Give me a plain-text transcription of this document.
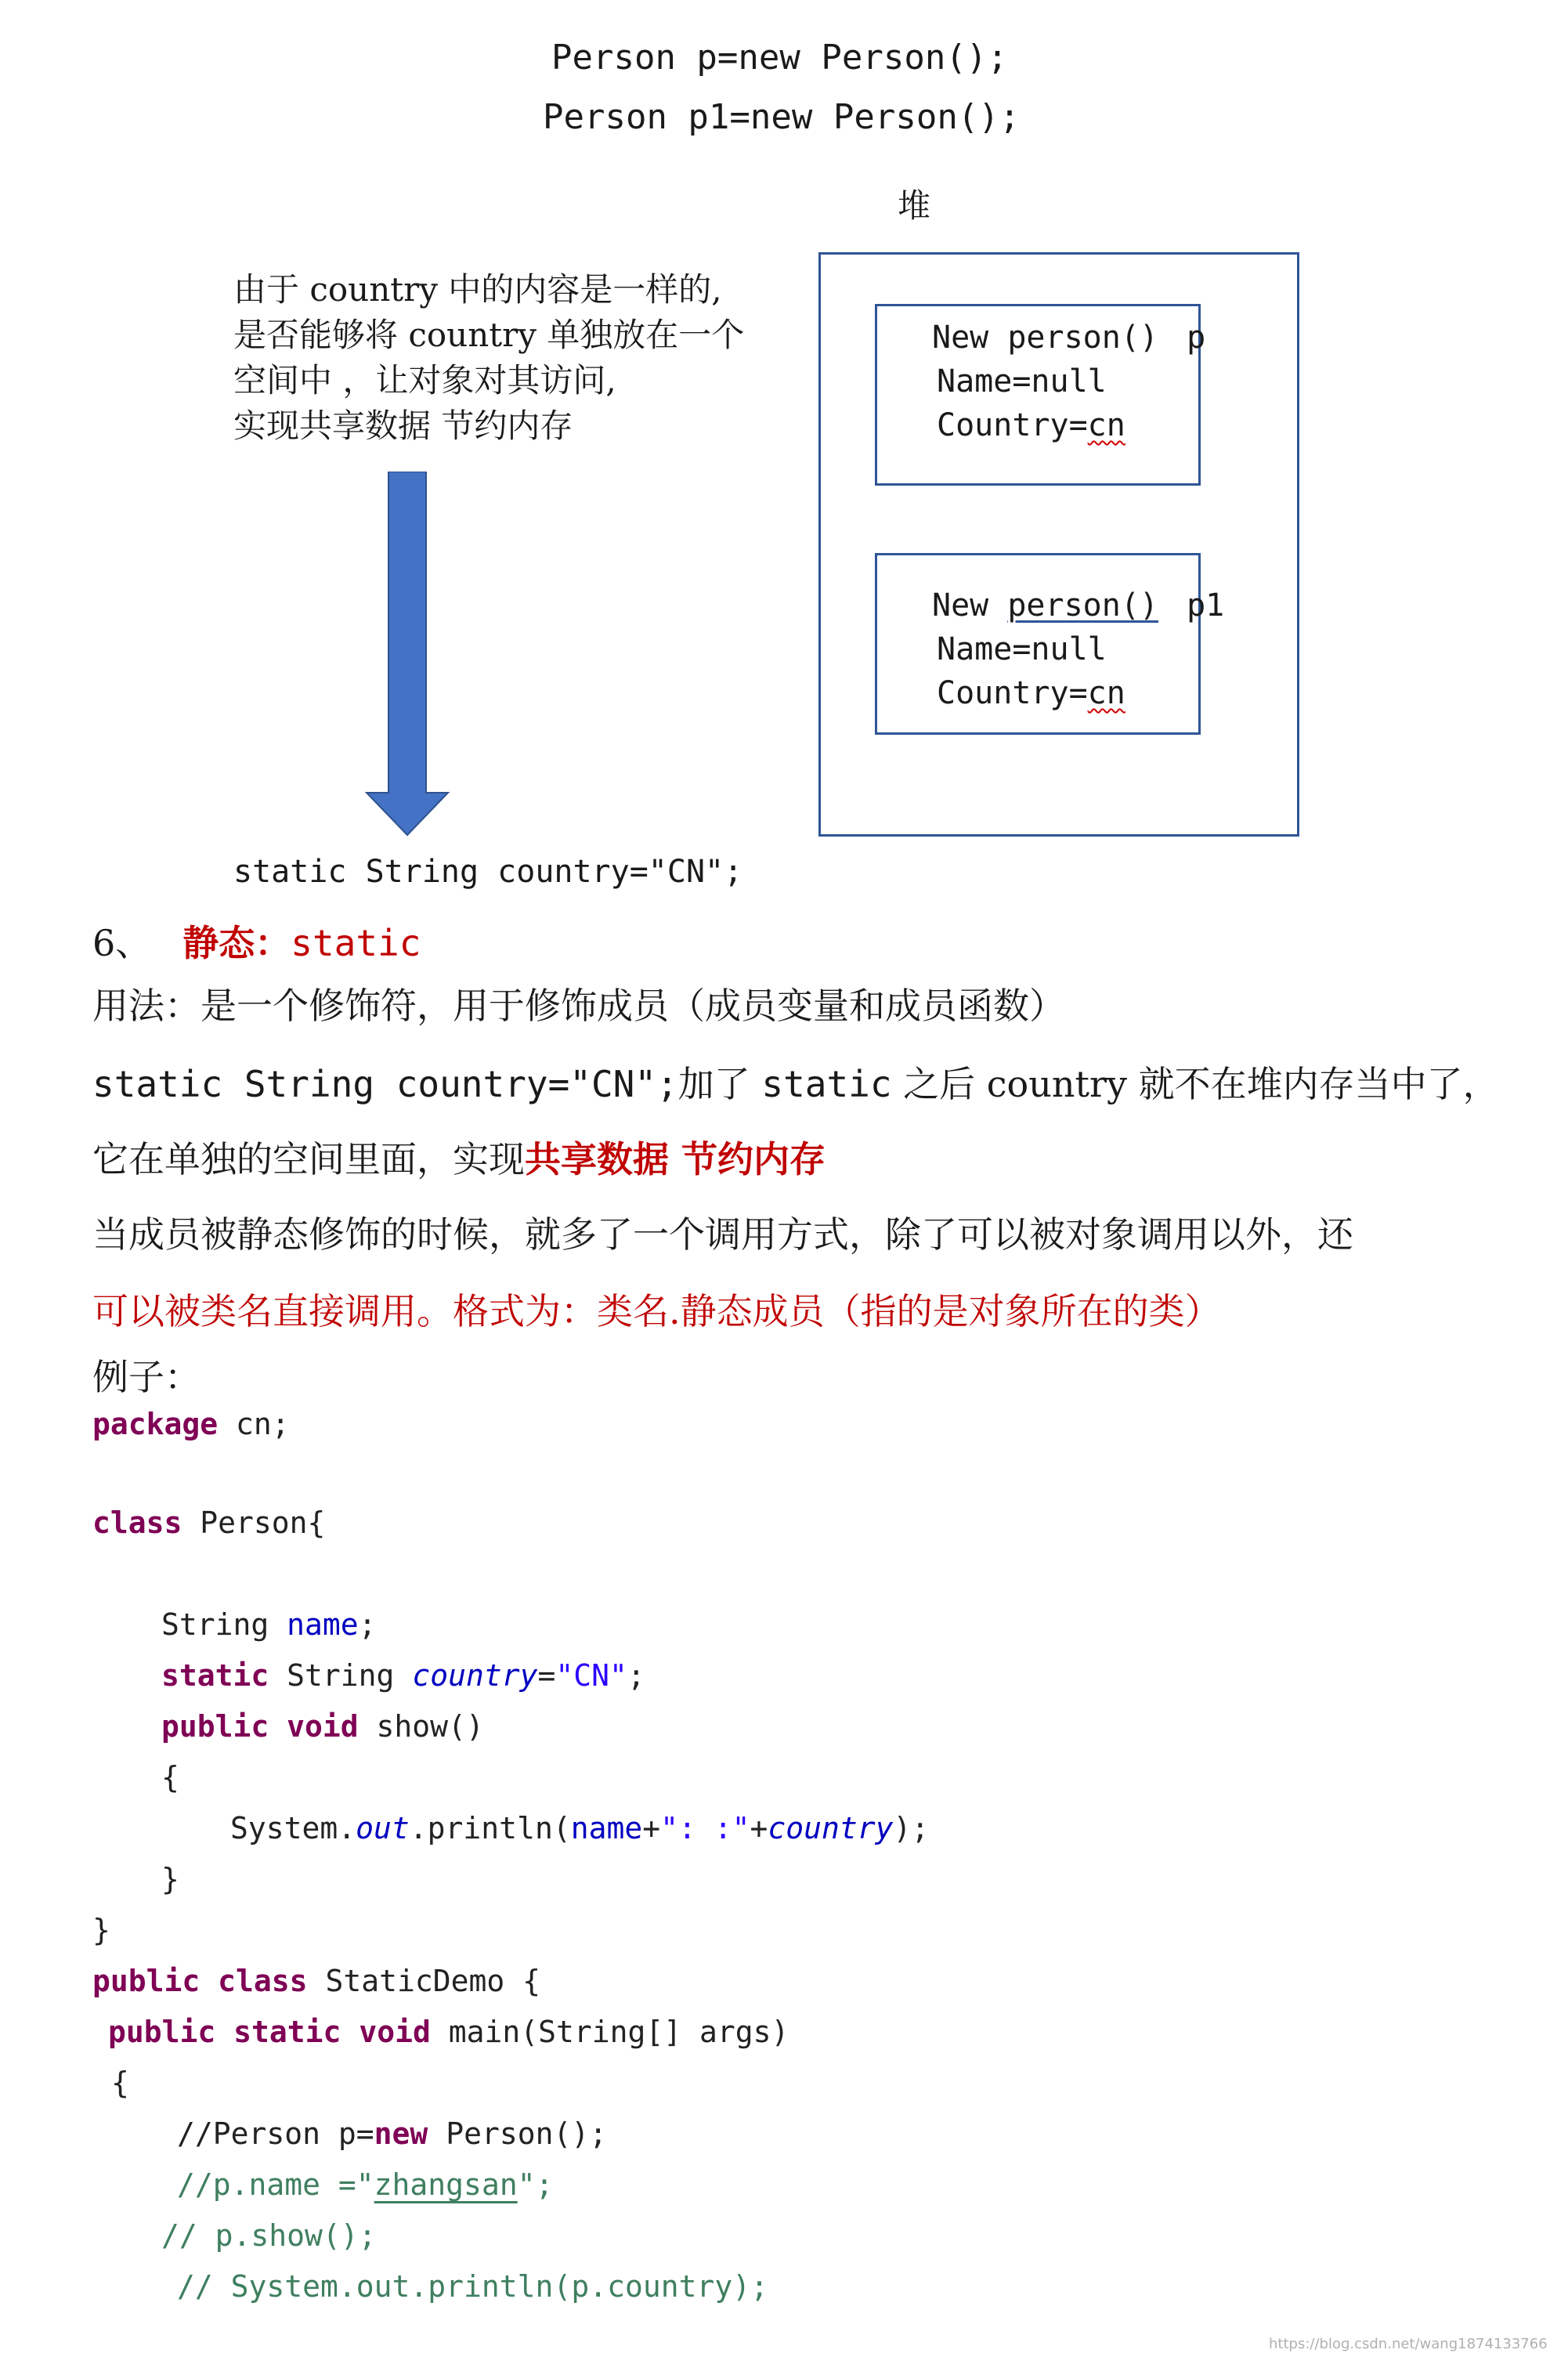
Person p=new Person();
Person p1=new Person();
堆
由于 country 中的内容是一样的,
是否能够将 country 单独放在一个
空间中 ，让对象对其访问,
实现共享数据 节约内存
static String country="CN";
New person() p
Name=null
Country=cn
New person() p1
Name=null
Country=cn
6、 静态：static
用法：是一个修饰符，用于修饰成员（成员变量和成员函数）
static String country="CN";加了 static 之后 country 就不在堆内存当中了，
它在单独的空间里面，实现共享数据 节约内存
当成员被静态修饰的时候，就多了一个调用方式，除了可以被对象调用以外，还
可以被类名直接调用。格式为：类名.静态成员（指的是对象所在的类）
例子：
package cn;
class Person{
String name;
static String country="CN";
public void show()
{
System.out.println(name+": :"+country);
}
}
public class StaticDemo {
public static void main(String[] args)
{
//Person p=new Person();
//p.name ="zhangsan";
// p.show();
// System.out.println(p.country);
https://blog.csdn.net/wang1874133766
